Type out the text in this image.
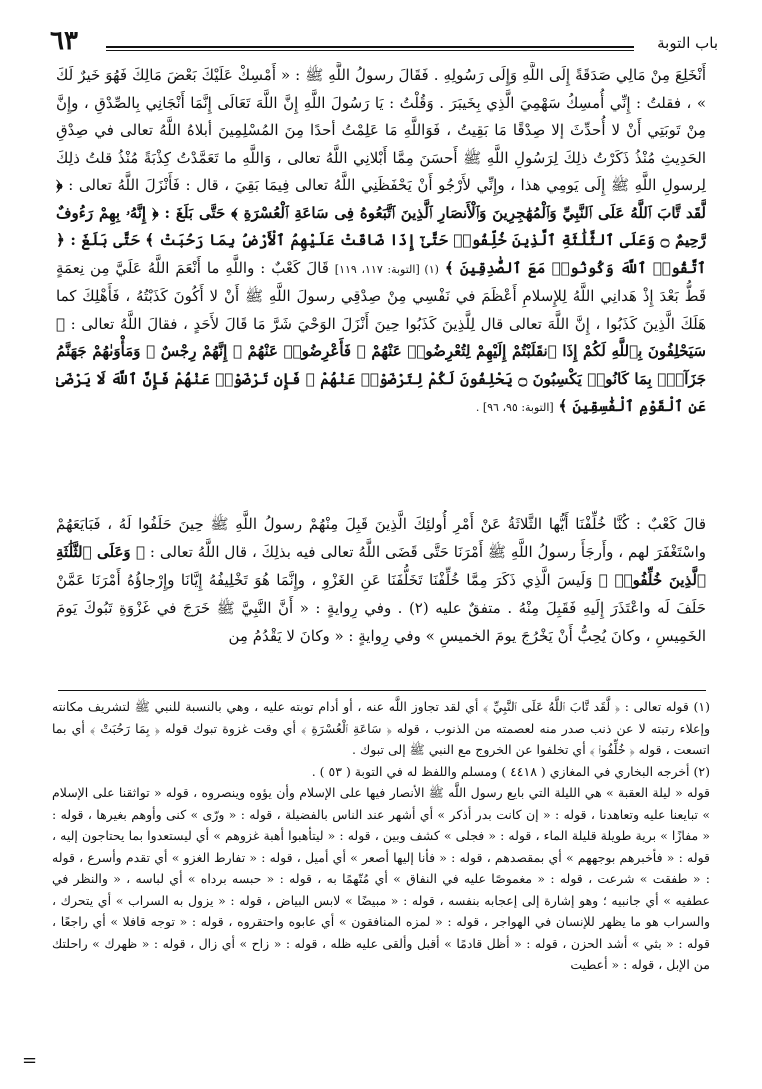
٦٣	باب التوبة

أَنْخَلِعَ مِنْ مَالِي صَدَقَةً إِلَى اللَّهِ وَإِلَى رَسُولِهِ . فَقَالَ رسولُ اللَّهِ ﷺ : « أَمْسِكْ عَلَيْكَ بَعْضَ مَالِكَ فَهُوَ خَيرٌ لَكَ » ، فقلتُ : إِنِّي أُمسِكُ سَهْمِيَ الَّذِي بِخَيبَرَ . وَقُلْتُ : يَا رَسُولَ اللَّهِ إِنَّ اللَّهَ تَعَالَى إِنَّمَا أَنْجَانِي بِالصِّدْقِ ، وإِنَّ مِنْ تَوبَتِي أَنْ لا أُحدِّثَ إلا صِدْقًا مَا بَقِيتُ ، فَوَاللَّهِ مَا عَلِمْتُ أحدًا مِنَ المُسْلِمِينَ أبلاهُ اللَّهُ تعالى في صِدْقِ الحَدِيثِ مُنْذُ ذَكَرْتُ ذلِكَ لِرَسُولِ اللَّهِ ﷺ أَحسَنَ مِمَّا أَبْلانِي اللَّهُ تعالى ، وَاللَّهِ ما تَعَمَّدْتُ كِذْبَةً مُنْذُ قلتُ ذلِكَ لِرسولِ اللَّهِ ﷺ إِلَى يَومِي هذا ، وإِنِّي لأَرْجُو أَنْ يَحْفَظَنِي اللَّهُ تعالى فِيمَا بَقِيَ ، قال : فَأَنْزَلَ اللَّهُ تعالى : ﴿ لَّقَد تَّابَ ٱللَّهُ عَلَى ٱلنَّبِيِّ وَٱلْمُهَٰجِرِينَ وَٱلْأَنصَارِ ٱلَّذِينَ ٱتَّبَعُوهُ فِى سَاعَةِ ٱلْعُسْرَةِ ﴾ حَتَّى بَلَغَ : ﴿ إِنَّهُۥ بِهِمْ رَءُوفٌ رَّحِيمٌ ۝ وَعَلَى ٱلثَّلَٰثَةِ ٱلَّذِينَ خُلِّفُوا۟ حَتَّىٰٓ إِذَا ضَاقَتْ عَلَيْهِمُ ٱلْأَرْضُ بِمَا رَحُبَتْ ﴾ حَتَّى بَلَغَ : ﴿ ٱتَّقُوا۟ ٱللَّهَ وَكُونُوا۟ مَعَ ٱلصَّٰدِقِينَ ﴾ (١) [التوبة: ١١٧، ١١٩] قَالَ كَعْبٌ : واللَّهِ ما أَنْعَمَ اللَّهُ عَلَيَّ مِن نِعمَةٍ قَطُّ بَعْدَ إِذْ هَدانِي اللَّهُ لِلإِسلامِ أَعْظَمَ في نَفْسِي مِنْ صِدْقِي رسولَ اللَّهِ ﷺ أَنْ لا أَكُونَ كَذَبْتُهُ ، فَأَهْلِكَ كما هَلَكَ الَّذِينَ كَذَبُوا ، إِنَّ اللَّهَ تعالى قال لِلَّذِينَ كَذَبُوا حِينَ أَنْزَلَ الوَحْيَ شَرَّ مَا قَالَ لأَحَدٍ ، فقالَ اللَّهُ تعالى : ﴿ سَيَحْلِفُونَ بِٱللَّهِ لَكُمْ إِذَا ٱنقَلَبْتُمْ إِلَيْهِمْ لِتُعْرِضُوا۟ عَنْهُمْ ۖ فَأَعْرِضُوا۟ عَنْهُمْ ۖ إِنَّهُمْ رِجْسٌ ۖ وَمَأْوَىٰهُمْ جَهَنَّمُ جَزَآءًۢ بِمَا كَانُوا۟ يَكْسِبُونَ ۝ يَحْلِفُونَ لَكُمْ لِتَرْضَوْا۟ عَنْهُمْ ۖ فَإِن تَرْضَوْا۟ عَنْهُمْ فَإِنَّ ٱللَّهَ لَا يَرْضَىٰ عَنِ ٱلْقَوْمِ ٱلْفَٰسِقِينَ ﴾ [التوبة: ٩٥، ٩٦] .

قالَ كَعْبٌ : كُنَّا خُلِّفْنَا أَيُّها الثَّلاثَةُ عَنْ أَمْرِ أُولئِكَ الَّذِينَ قَبِلَ مِنْهُمْ رسولُ اللَّهِ ﷺ حِينَ حَلَفُوا لَهُ ، فَبَايَعَهُمْ واسْتَغْفَرَ لهم ، وأَرجَأَ رسولُ اللَّهِ ﷺ أَمْرَنَا حَتَّى قَضَى اللَّهُ تعالى فيه بذلِكَ ، قال اللَّهُ تعالى : ﴿ وَعَلَى ٱلثَّلَٰثَةِ ٱلَّذِينَ خُلِّفُوا۟ ﴾ وَلَيسَ الَّذِي ذَكَرَ مِمَّا خُلِّفْنَا تَخَلُّفَنَا عَنِ الغَزْوِ ، وإِنَّمَا هُوَ تَخْلِيفُهُ إِيَّانَا وإِرْجاؤُهُ أَمْرَنَا عَمَّنْ حَلَفَ لَه واعْتَذَرَ إِلَيهِ فَقَبِلَ مِنْهُ . متفقٌ عليه (٢) . وفي رِوايةٍ : « أَنَّ النَّبِيَّ ﷺ خَرَجَ في غَزْوَةِ تَبُوكَ يَومَ الخَمِيسِ ، وكانَ يُحِبُّ أَنْ يَخْرُجَ يومَ الخميسِ » وفي رِوايةٍ : « وكانَ لا يَقْدُمُ مِن

(١) قوله تعالى : ﴿ لَّقَد تَّابَ ٱللَّهُ عَلَى ٱلنَّبِيِّ ﴾ أي لقد تجاوز اللَّه عنه ، أو أدام توبته عليه ، وهي بالنسبة للنبي ﷺ لتشريف مكانته وإعلاء رتبته لا عن ذنب صدر منه لعصمته من الذنوب ، قوله ﴿ سَاعَةِ ٱلْعُسْرَةِ ﴾ أي وقت غزوة تبوك قوله ﴿ بِمَا رَحُبَتْ ﴾ أي بما اتسعت ، قوله ﴿ خُلِّفُوا۟ ﴾ أي تخلفوا عن الخروج مع النبي ﷺ إلى تبوك .

(٢) أخرجه البخاري في المغازي ( ٤٤١٨ ) ومسلم واللفظ له في التوبة ( ٥٣ ) .

قوله « ليلة العقبة » هي الليلة التي بايع رسول اللَّه ﷺ الأنصار فيها على الإسلام وأن يؤوه وينصروه ، قوله « تواثقنا على الإسلام » تبايعنا عليه وتعاهدنا ، قوله : « إن كانت بدر أذكر » أي أشهر عند الناس بالفضيلة ، قوله : « ورّى » كنى وأوهم بغيرها ، قوله : « مفازًا » برية طويلة قليلة الماء ، قوله : « فجلى » كشف وبين ، قوله : « ليتأهبوا أهبة غزوهم » أي ليستعدوا بما يحتاجون إليه ، قوله : « فأخبرهم بوجههم » أي بمقصدهم ، قوله : « فأنا إليها أصعر » أي أميل ، قوله : « تفارط الغزو » أي تقدم وأسرع ، قوله : « طفقت » شرعت ، قوله : « مغموصًا عليه في النفاق » أي مُتّهمًا به ، قوله : « حبسه برداه » أي لباسه ، « والنظر في عطفيه » أي جانبيه ؛ وهو إشارة إلى إعجابه بنفسه ، قوله : « مبيضًا » لابس البياض ، قوله : « يزول به السراب » أي يتحرك ، والسراب هو ما يظهر للإنسان في الهواجر ، قوله : « لمزه المنافقون » أي عابوه واحتقروه ، قوله : « توجه قافلا » أي راجعًا ، قوله : « بثي » أشد الحزن ، قوله : « أظل قادمًا » أقبل وألقى عليه ظله ، قوله : « زاح » أي زال ، قوله : « ظهرك » راحلتك من الإبل ، قوله : « أعطيت

=
